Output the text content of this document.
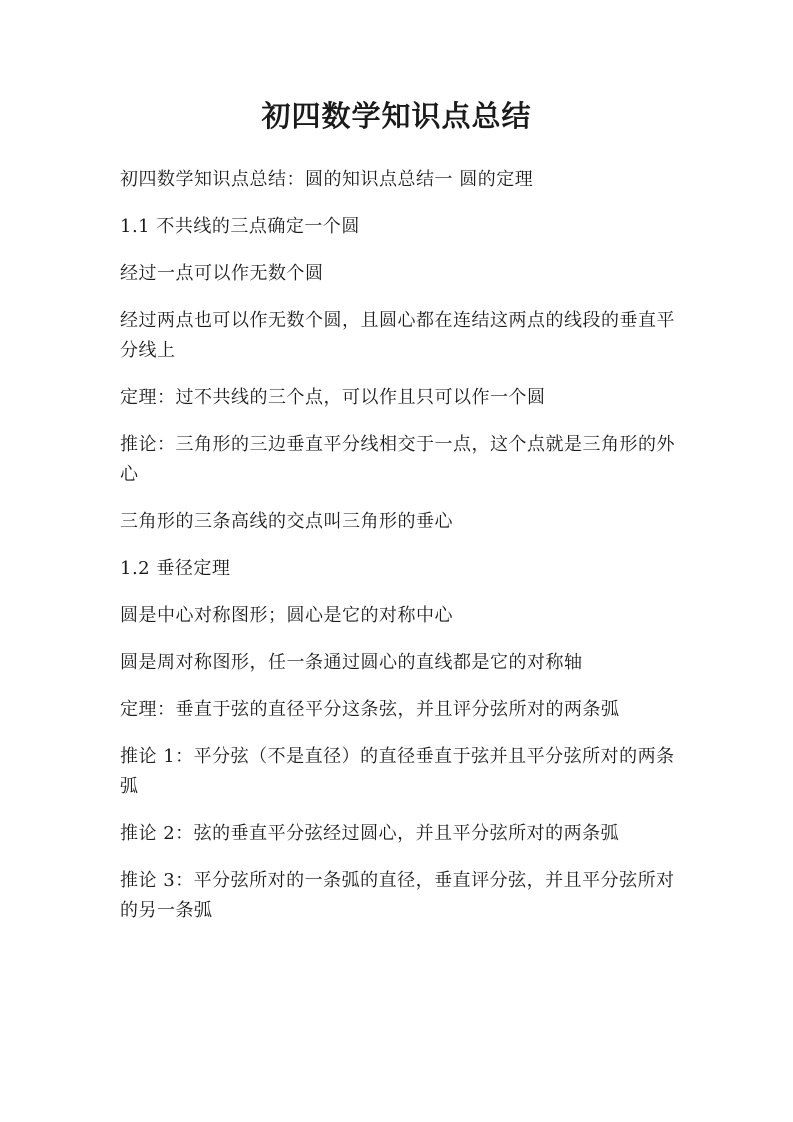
初四数学知识点总结

初四数学知识点总结：圆的知识点总结一 圆的定理

1.1 不共线的三点确定一个圆

经过一点可以作无数个圆

经过两点也可以作无数个圆，且圆心都在连结这两点的线段的垂直平分线上

定理：过不共线的三个点，可以作且只可以作一个圆

推论：三角形的三边垂直平分线相交于一点，这个点就是三角形的外心

三角形的三条高线的交点叫三角形的垂心

1.2 垂径定理

圆是中心对称图形；圆心是它的对称中心

圆是周对称图形，任一条通过圆心的直线都是它的对称轴

定理：垂直于弦的直径平分这条弦，并且评分弦所对的两条弧

推论 1：平分弦（不是直径）的直径垂直于弦并且平分弦所对的两条弧

推论 2：弦的垂直平分弦经过圆心，并且平分弦所对的两条弧

推论 3：平分弦所对的一条弧的直径，垂直评分弦，并且平分弦所对的另一条弧
